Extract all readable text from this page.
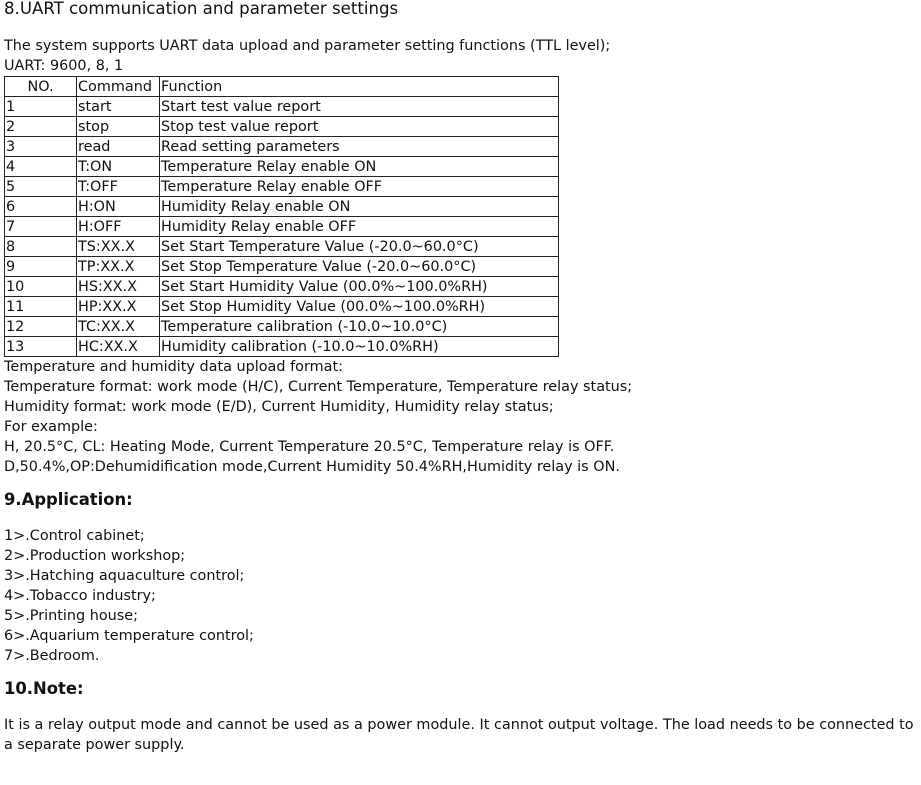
8.UART communication and parameter settings

The system supports UART data upload and parameter setting functions (TTL level);

UART: 9600, 8, 1

NO.	Command	Function
1	start	Start test value report
2	stop	Stop test value report
3	read	Read setting parameters
4	T:ON	Temperature Relay enable ON
5	T:OFF	Temperature Relay enable OFF
6	H:ON	Humidity Relay enable ON
7	H:OFF	Humidity Relay enable OFF
8	TS:XX.X	Set Start Temperature Value (-20.0~60.0°C)
9	TP:XX.X	Set Stop Temperature Value (-20.0~60.0°C)
10	HS:XX.X	Set Start Humidity Value (00.0%~100.0%RH)
11	HP:XX.X	Set Stop Humidity Value (00.0%~100.0%RH)
12	TC:XX.X	Temperature calibration (-10.0~10.0°C)
13	HC:XX.X	Humidity calibration (-10.0~10.0%RH)

Temperature and humidity data upload format:

Temperature format: work mode (H/C), Current Temperature, Temperature relay status;

Humidity format: work mode (E/D), Current Humidity, Humidity relay status;

For example:

H, 20.5°C, CL: Heating Mode, Current Temperature 20.5°C, Temperature relay is OFF.

D,50.4%,OP:Dehumidification mode,Current Humidity 50.4%RH,Humidity relay is ON.

9.Application:

1>.Control cabinet;

2>.Production workshop;

3>.Hatching aquaculture control;

4>.Tobacco industry;

5>.Printing house;

6>.Aquarium temperature control;

7>.Bedroom.

10.Note:

It is a relay output mode and cannot be used as a power module. It cannot output voltage. The load needs to be connected to a separate power supply.
